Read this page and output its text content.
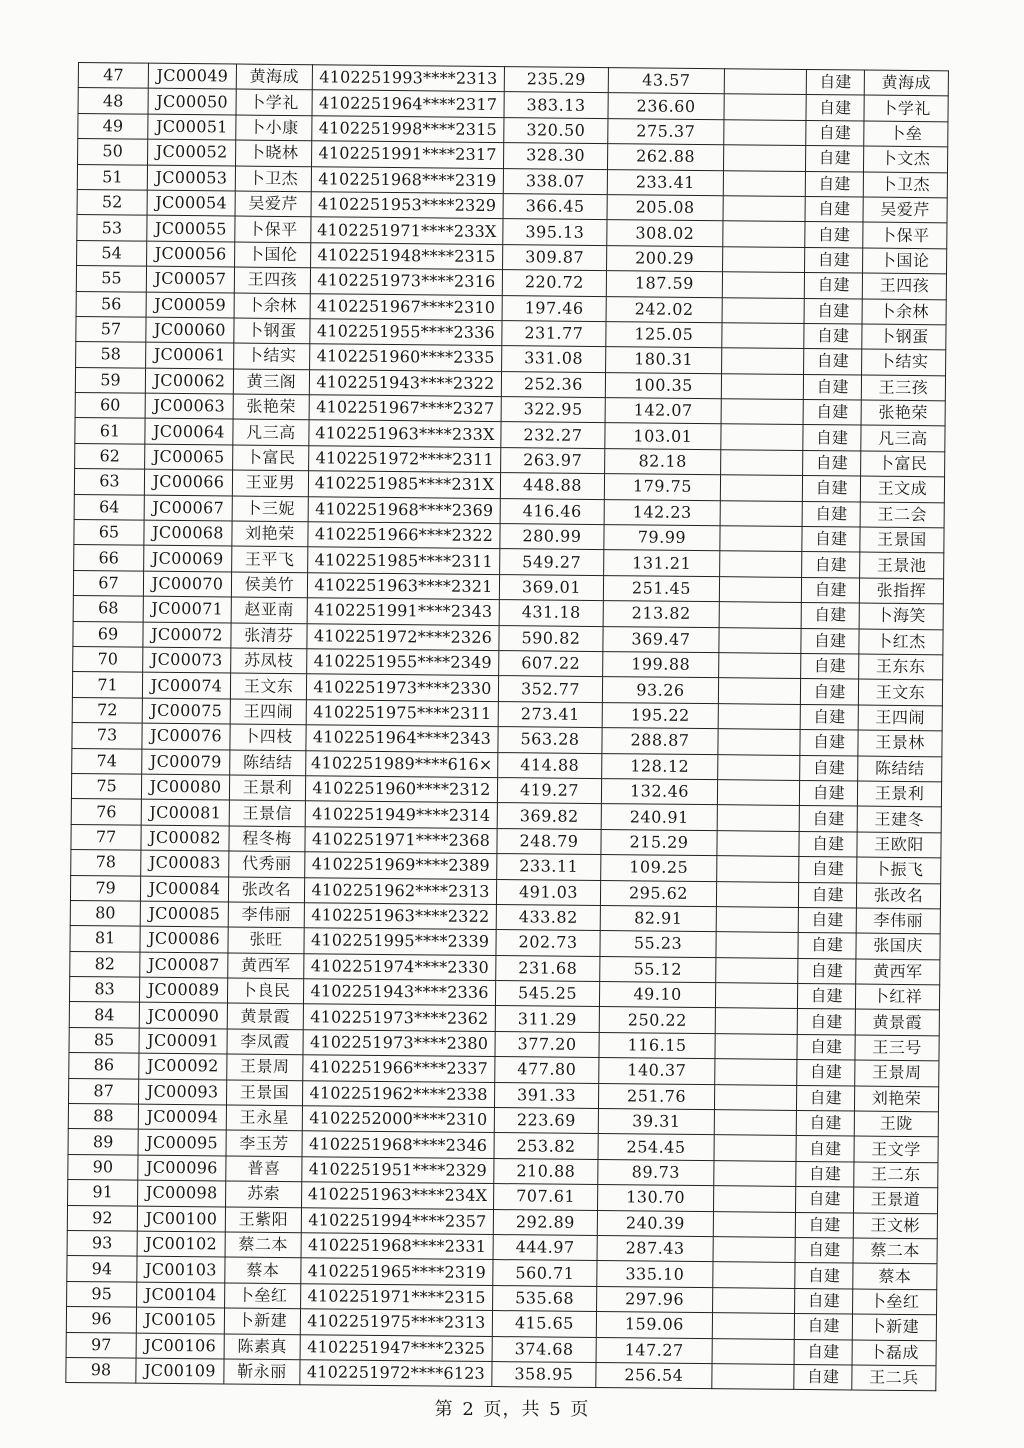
47	JC00049	黄海成	4102251993****2313	235.29	43.57		自建	黄海成
48	JC00050	卜学礼	4102251964****2317	383.13	236.60		自建	卜学礼
49	JC00051	卜小康	4102251998****2315	320.50	275.37		自建	卜垒
50	JC00052	卜晓林	4102251991****2317	328.30	262.88		自建	卜文杰
51	JC00053	卜卫杰	4102251968****2319	338.07	233.41		自建	卜卫杰
52	JC00054	吴爱芹	4102251953****2329	366.45	205.08		自建	吴爱芹
53	JC00055	卜保平	4102251971****233X	395.13	308.02		自建	卜保平
54	JC00056	卜国伦	4102251948****2315	309.87	200.29		自建	卜国论
55	JC00057	王四孩	4102251973****2316	220.72	187.59		自建	王四孩
56	JC00059	卜余林	4102251967****2310	197.46	242.02		自建	卜余林
57	JC00060	卜钢蛋	4102251955****2336	231.77	125.05		自建	卜钢蛋
58	JC00061	卜结实	4102251960****2335	331.08	180.31		自建	卜结实
59	JC00062	黄三阁	4102251943****2322	252.36	100.35		自建	王三孩
60	JC00063	张艳荣	4102251967****2327	322.95	142.07		自建	张艳荣
61	JC00064	凡三高	4102251963****233X	232.27	103.01		自建	凡三高
62	JC00065	卜富民	4102251972****2311	263.97	82.18		自建	卜富民
63	JC00066	王亚男	4102251985****231X	448.88	179.75		自建	王文成
64	JC00067	卜三妮	4102251968****2369	416.46	142.23		自建	王二会
65	JC00068	刘艳荣	4102251966****2322	280.99	79.99		自建	王景国
66	JC00069	王平飞	4102251985****2311	549.27	131.21		自建	王景池
67	JC00070	侯美竹	4102251963****2321	369.01	251.45		自建	张指挥
68	JC00071	赵亚南	4102251991****2343	431.18	213.82		自建	卜海笑
69	JC00072	张清芬	4102251972****2326	590.82	369.47		自建	卜红杰
70	JC00073	苏凤枝	4102251955****2349	607.22	199.88		自建	王东东
71	JC00074	王文东	4102251973****2330	352.77	93.26		自建	王文东
72	JC00075	王四闹	4102251975****2311	273.41	195.22		自建	王四闹
73	JC00076	卜四枝	4102251964****2343	563.28	288.87		自建	王景林
74	JC00079	陈结结	4102251989****616×	414.88	128.12		自建	陈结结
75	JC00080	王景利	4102251960****2312	419.27	132.46		自建	王景利
76	JC00081	王景信	4102251949****2314	369.82	240.91		自建	王建冬
77	JC00082	程冬梅	4102251971****2368	248.79	215.29		自建	王欧阳
78	JC00083	代秀丽	4102251969****2389	233.11	109.25		自建	卜振飞
79	JC00084	张改名	4102251962****2313	491.03	295.62		自建	张改名
80	JC00085	李伟丽	4102251963****2322	433.82	82.91		自建	李伟丽
81	JC00086	张旺	4102251995****2339	202.73	55.23		自建	张国庆
82	JC00087	黄西军	4102251974****2330	231.68	55.12		自建	黄西军
83	JC00089	卜良民	4102251943****2336	545.25	49.10		自建	卜红祥
84	JC00090	黄景霞	4102251973****2362	311.29	250.22		自建	黄景霞
85	JC00091	李凤霞	4102251973****2380	377.20	116.15		自建	王三号
86	JC00092	王景周	4102251966****2337	477.80	140.37		自建	王景周
87	JC00093	王景国	4102251962****2338	391.33	251.76		自建	刘艳荣
88	JC00094	王永星	4102252000****2310	223.69	39.31		自建	王陇
89	JC00095	李玉芳	4102251968****2346	253.82	254.45		自建	王文学
90	JC00096	普喜	4102251951****2329	210.88	89.73		自建	王二东
91	JC00098	苏索	4102251963****234X	707.61	130.70		自建	王景道
92	JC00100	王紫阳	4102251994****2357	292.89	240.39		自建	王文彬
93	JC00102	蔡二本	4102251968****2331	444.97	287.43		自建	蔡二本
94	JC00103	蔡本	4102251965****2319	560.71	335.10		自建	蔡本
95	JC00104	卜垒红	4102251971****2315	535.68	297.96		自建	卜垒红
96	JC00105	卜新建	4102251975****2313	415.65	159.06		自建	卜新建
97	JC00106	陈素真	4102251947****2325	374.68	147.27		自建	卜磊成
98	JC00109	靳永丽	4102251972****6123	358.95	256.54		自建	王二兵
第 2 页，共 5 页
